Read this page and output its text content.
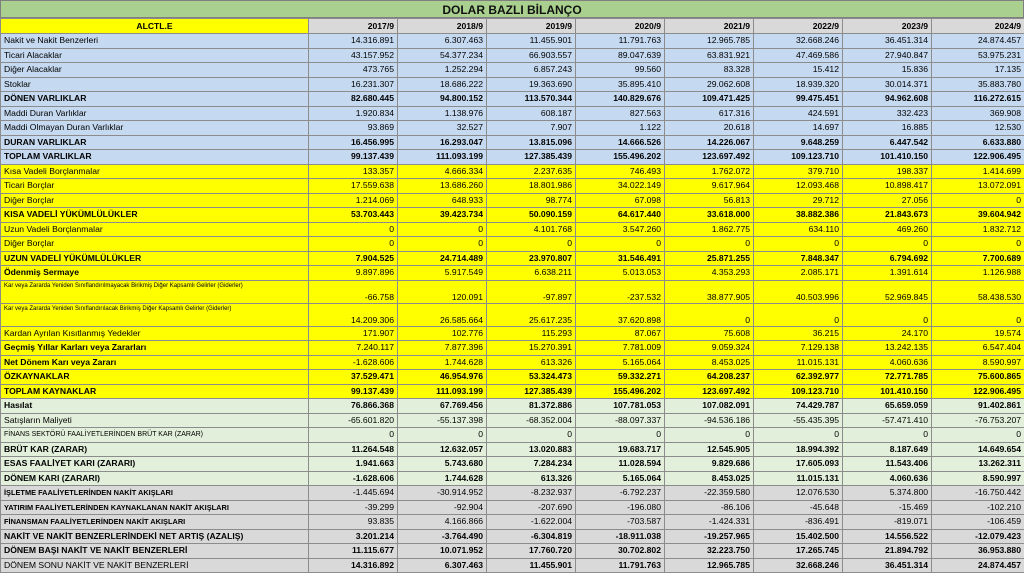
DOLAR BAZLI BİLANÇO
ALCTL.E	2017/9	2018/9	2019/9	2020/9	2021/9	2022/9	2023/9	2024/9
Nakit ve Nakit Benzerleri	14.316.891	6.307.463	11.455.901	11.791.763	12.965.785	32.668.246	36.451.314	24.874.457
Ticari Alacaklar	43.157.952	54.377.234	66.903.557	89.047.639	63.831.921	47.469.586	27.940.847	53.975.231
Diğer Alacaklar	473.765	1.252.294	6.857.243	99.560	83.328	15.412	15.836	17.135
Stoklar	16.231.307	18.686.222	19.363.690	35.895.410	29.062.608	18.939.320	30.014.371	35.883.780
DÖNEN VARLIKLAR	82.680.445	94.800.152	113.570.344	140.829.676	109.471.425	99.475.451	94.962.608	116.272.615
Maddi Duran Varlıklar	1.920.834	1.138.976	608.187	827.563	617.316	424.591	332.423	369.908
Maddi Olmayan Duran Varlıklar	93.869	32.527	7.907	1.122	20.618	14.697	16.885	12.530
DURAN VARLIKLAR	16.456.995	16.293.047	13.815.096	14.666.526	14.226.067	9.648.259	6.447.542	6.633.880
TOPLAM VARLIKLAR	99.137.439	111.093.199	127.385.439	155.496.202	123.697.492	109.123.710	101.410.150	122.906.495
Kısa Vadeli Borçlanmalar	133.357	4.666.334	2.237.635	746.493	1.762.072	379.710	198.337	1.414.699
Ticari Borçlar	17.559.638	13.686.260	18.801.986	34.022.149	9.617.964	12.093.468	10.898.417	13.072.091
Diğer Borçlar	1.214.069	648.933	98.774	67.098	56.813	29.712	27.056	0
KISA VADELİ YÜKÜMLÜLÜKLER	53.703.443	39.423.734	50.090.159	64.617.440	33.618.000	38.882.386	21.843.673	39.604.942
Uzun Vadeli Borçlanmalar	0	0	4.101.768	3.547.260	1.862.775	634.110	469.260	1.832.712
Diğer Borçlar	0	0	0	0	0	0	0	0
UZUN VADELİ YÜKÜMLÜLÜKLER	7.904.525	24.714.489	23.970.807	31.546.491	25.871.255	7.848.347	6.794.692	7.700.689
Ödenmiş Sermaye	9.897.896	5.917.549	6.638.211	5.013.053	4.353.293	2.085.171	1.391.614	1.126.988
Kar veya Zararda Yeniden Sınıflandırılmayacak Birikmiş Diğer Kapsamlı Gelirler (Giderler)	-66.758	120.091	-97.897	-237.532	38.877.905	40.503.996	52.969.845	58.438.530
Kar veya Zararda Yeniden Sınıflandırılacak Birikmiş Diğer Kapsamlı Gelirler (Giderler)	14.209.306	26.585.664	25.617.235	37.620.898	0	0	0	0
Kardan Ayrılan Kısıtlanmış Yedekler	171.907	102.776	115.293	87.067	75.608	36.215	24.170	19.574
Geçmiş Yıllar Karları veya Zararları	7.240.117	7.877.396	15.270.391	7.781.009	9.059.324	7.129.138	13.242.135	6.547.404
Net Dönem Karı veya Zararı	-1.628.606	1.744.628	613.326	5.165.064	8.453.025	11.015.131	4.060.636	8.590.997
ÖZKAYNAKLAR	37.529.471	46.954.976	53.324.473	59.332.271	64.208.237	62.392.977	72.771.785	75.600.865
TOPLAM KAYNAKLAR	99.137.439	111.093.199	127.385.439	155.496.202	123.697.492	109.123.710	101.410.150	122.906.495
Hasılat	76.866.368	67.769.456	81.372.886	107.781.053	107.082.091	74.429.787	65.659.059	91.402.861
Satışların Maliyeti	-65.601.820	-55.137.398	-68.352.004	-88.097.337	-94.536.186	-55.435.395	-57.471.410	-76.753.207
FİNANS SEKTÖRÜ FAALİYETLERİNDEN BRÜT KAR (ZARAR)	0	0	0	0	0	0	0	0
BRÜT KAR (ZARAR)	11.264.548	12.632.057	13.020.883	19.683.717	12.545.905	18.994.392	8.187.649	14.649.654
ESAS FAALİYET KARI (ZARARI)	1.941.663	5.743.680	7.284.234	11.028.594	9.829.686	17.605.093	11.543.406	13.262.311
DÖNEM KARI (ZARARI)	-1.628.606	1.744.628	613.326	5.165.064	8.453.025	11.015.131	4.060.636	8.590.997
İŞLETME FAALİYETLERİNDEN NAKİT AKIŞLARI	-1.445.694	-30.914.952	-8.232.937	-6.792.237	-22.359.580	12.076.530	5.374.800	-16.750.442
YATIRIM FAALİYETLERİNDEN KAYNAKLANAN NAKİT AKIŞLARI	-39.299	-92.904	-207.690	-196.080	-86.106	-45.648	-15.469	-102.210
FİNANSMAN FAALİYETLERİNDEN NAKİT AKIŞLARI	93.835	4.166.866	-1.622.004	-703.587	-1.424.331	-836.491	-819.071	-106.459
NAKİT VE NAKİT BENZERLERİNDEKİ NET ARTIŞ (AZALIŞ)	3.201.214	-3.764.490	-6.304.819	-18.911.038	-19.257.965	15.402.500	14.556.522	-12.079.423
DÖNEM BAŞI NAKİT VE NAKİT BENZERLERİ	11.115.677	10.071.952	17.760.720	30.702.802	32.223.750	17.265.745	21.894.792	36.953.880
DÖNEM SONU NAKİT VE NAKİT BENZERLERİ	14.316.892	6.307.463	11.455.901	11.791.763	12.965.785	32.668.246	36.451.314	24.874.457
